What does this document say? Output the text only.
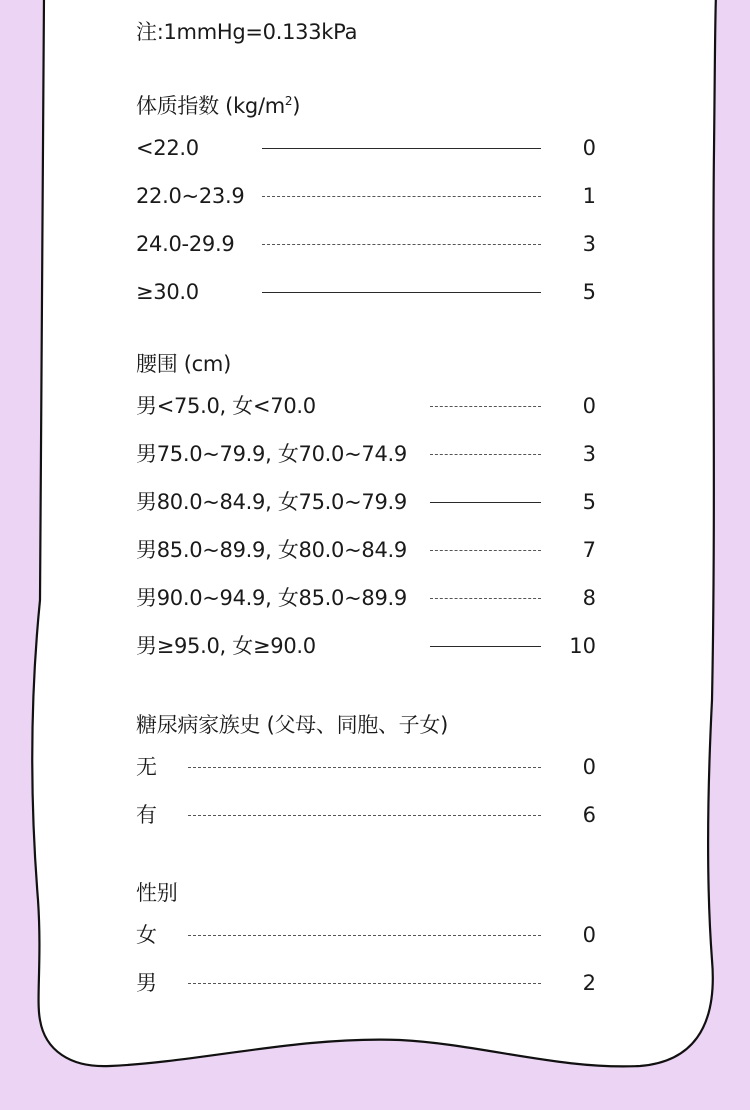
注:1mmHg=0.133kPa
体质指数 $(kg/m^2)$
<22.0	0
22.0~23.9	1
24.0-29.9	3
≥30.0	5
腰围 (cm)
男<75.0, 女<70.0	0
男75.0~79.9, 女70.0~74.9	3
男80.0~84.9, 女75.0~79.9	5
男85.0~89.9, 女80.0~84.9	7
男90.0~94.9, 女85.0~89.9	8
男≥95.0, 女≥90.0	10
糖尿病家族史 (父母、同胞、子女)
无	0
有	6
性别
女	0
男	2
